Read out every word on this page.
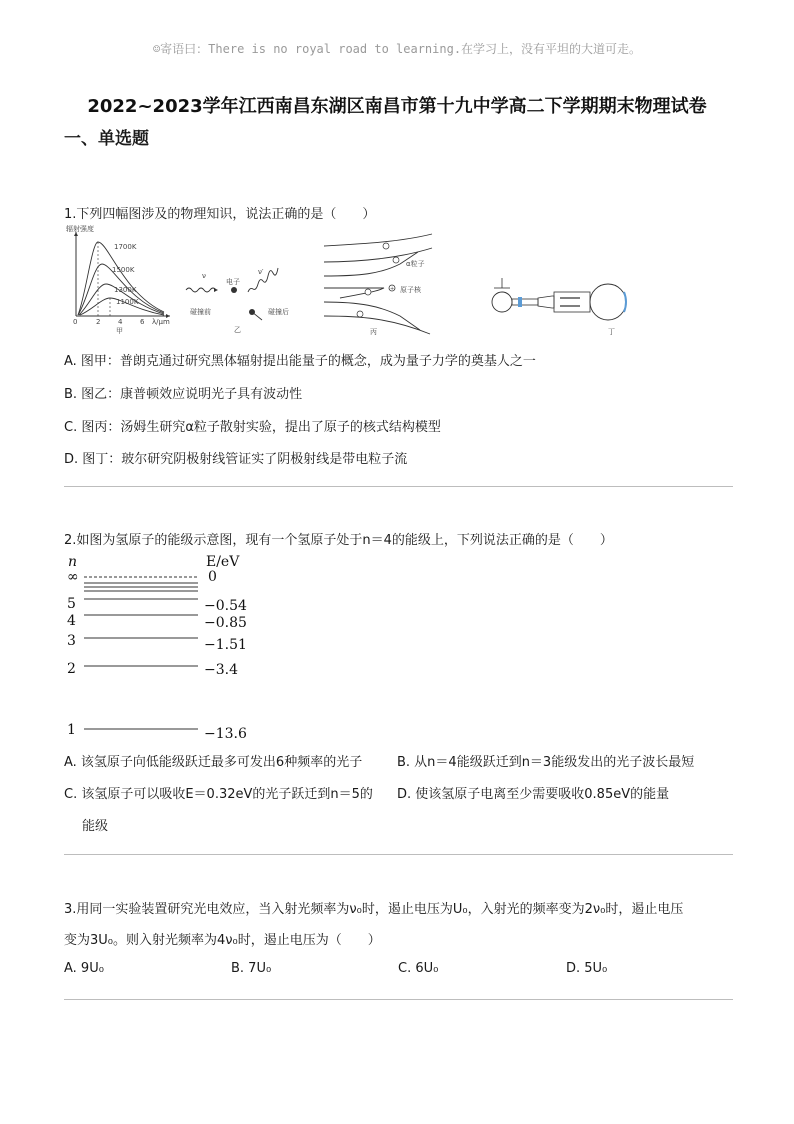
☺寄语曰：There is no royal road to learning.在学习上，没有平坦的大道可走。
2022~2023学年江西南昌东湖区南昌市第十九中学高二下学期期末物理试卷
一、单选题
1.下列四幅图涉及的物理知识，说法正确的是（　　）
辐射强度
1700K
1500K
1300K
1100K
0	2	4	6 λ/μm
甲
ν
电子
ν′
碰撞前	碰撞后
乙
+
α粒子
原子核
丙	丁
A. 图甲：普朗克通过研究黑体辐射提出能量子的概念，成为量子力学的奠基人之一
B. 图乙：康普顿效应说明光子具有波动性
C. 图丙：汤姆生研究α粒子散射实验，提出了原子的核式结构模型
D. 图丁：玻尔研究阴极射线管证实了阴极射线是带电粒子流
2.如图为氢原子的能级示意图，现有一个氢原子处于n＝4的能级上，下列说法正确的是（　　）
n	E/eV
∞	0
5	−0.54
4	−0.85
3	−1.51
2	−3.4
1	−13.6
A. 该氢原子向低能级跃迁最多可发出6种频率的光子	B. 从n＝4能级跃迁到n＝3能级发出的光子波长最短
C. 该氢原子可以吸收E＝0.32eV的光子跃迁到n＝5的
能级
D. 使该氢原子电离至少需要吸收0.85eV的能量
3.用同一实验装置研究光电效应，当入射光频率为ν₀时，遏止电压为U₀，入射光的频率变为2ν₀时，遏止电压
变为3U₀。则入射光频率为4ν₀时，遏止电压为（　　）
A. 9U₀	B. 7U₀	C. 6U₀	D. 5U₀
